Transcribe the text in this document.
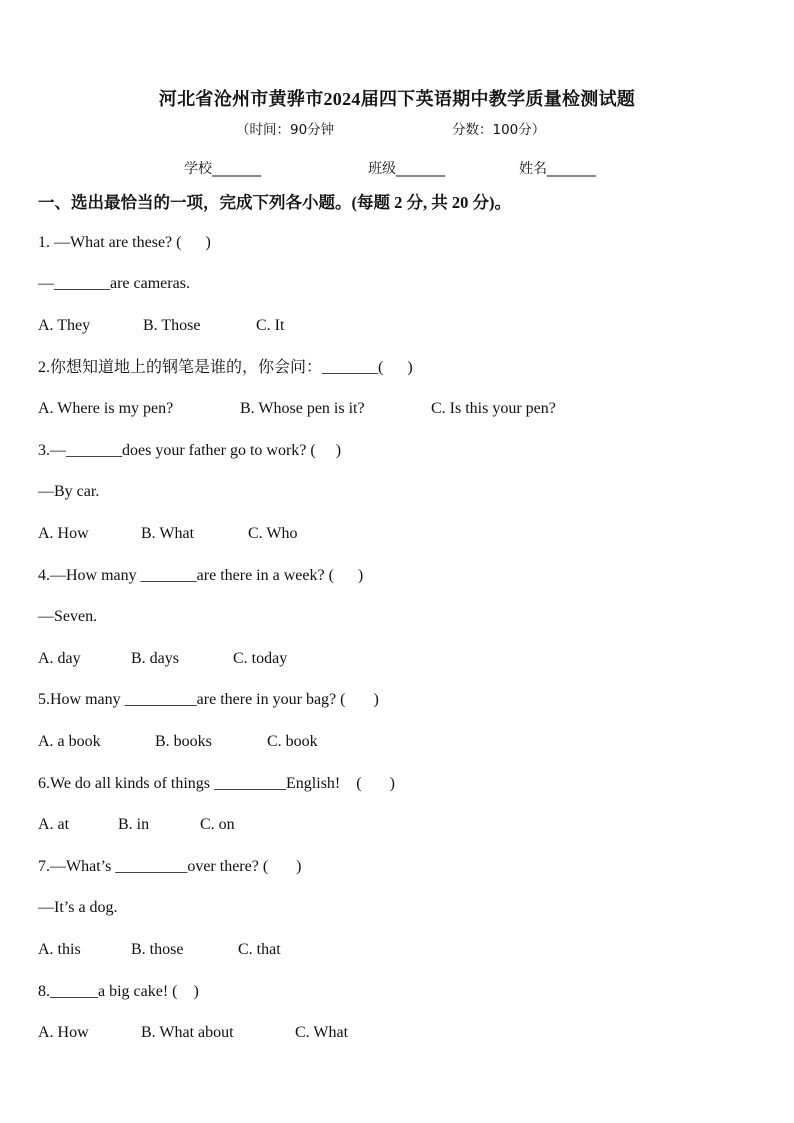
河北省沧州市黄骅市2024届四下英语期中教学质量检测试题
（时间：90分钟	分数：100分）
学校_______	班级_______	姓名_______
一、选出最恰当的一项，完成下列各小题。(每题 2 分, 共 20 分)。
1. —What are these? (      )
—_______are cameras.
A. They	B. Those	C. It
2.你想知道地上的钢笔是谁的，你会问：_______(      )
A. Where is my pen?	B. Whose pen is it?	C. Is this your pen?
3.—_______does your father go to work? (     )
—By car.
A. How	B. What	C. Who
4.—How many _______are there in a week? (      )
—Seven.
A. day	B. days	C. today
5.How many _________are there in your bag? (       )
A. a book	B. books	C. book
6.We do all kinds of things _________English!    (       )
A. at	B. in	C. on
7.—What’s _________over there? (       )
—It’s a dog.
A. this	B. those	C. that
8.______a big cake! (    )
A. How	B. What about	C. What
